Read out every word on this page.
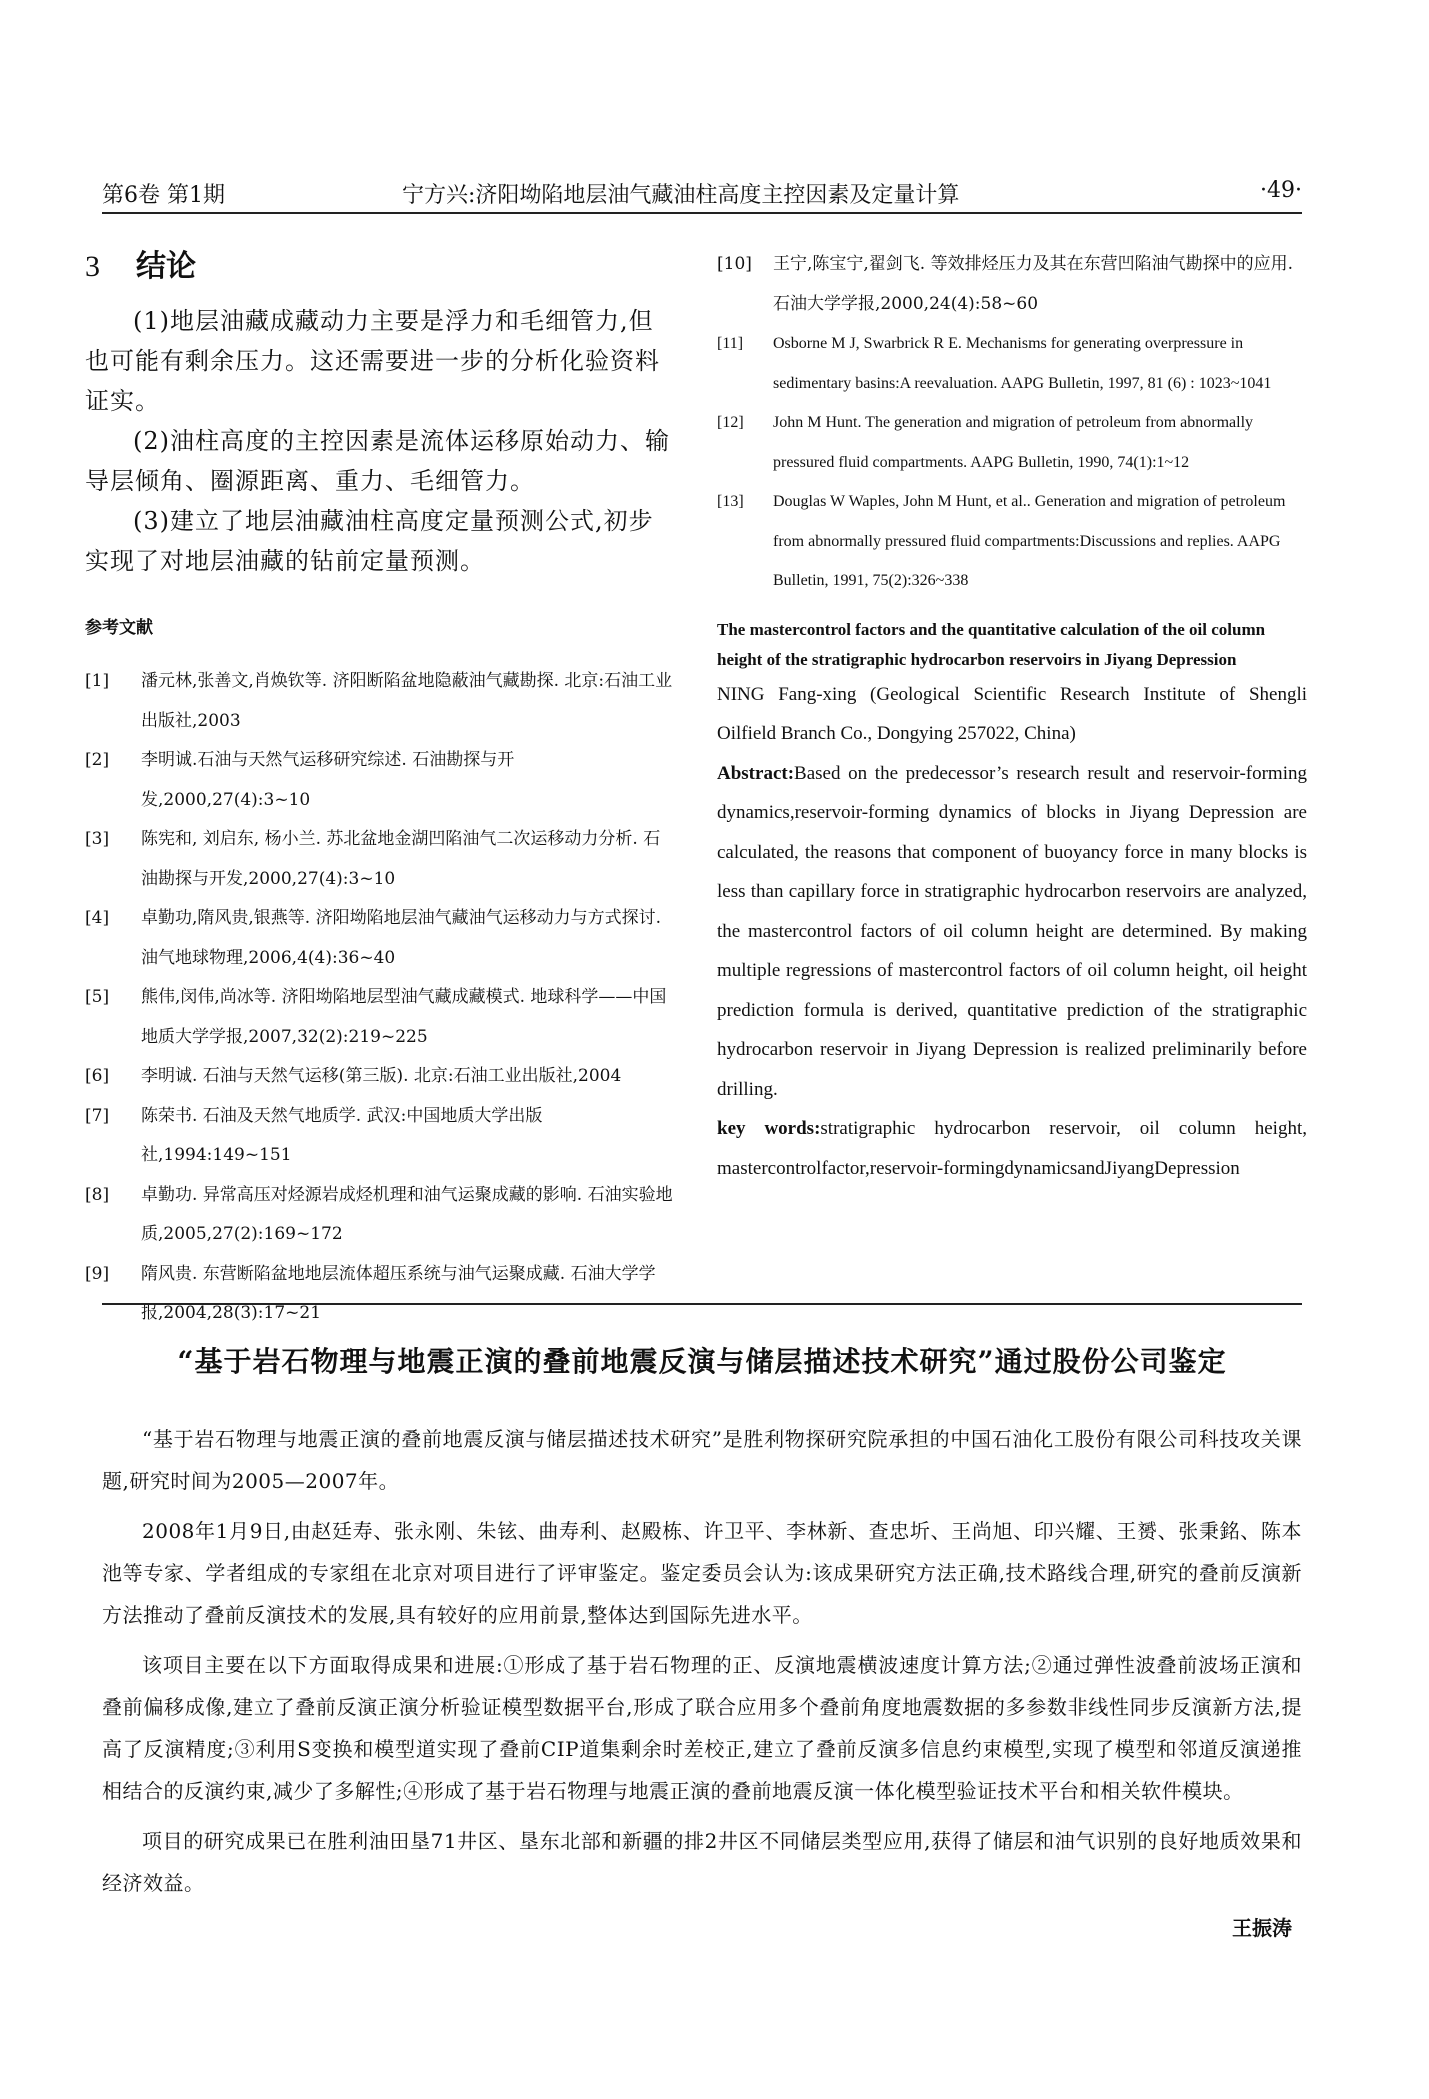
第6卷 第1期	宁方兴:济阳坳陷地层油气藏油柱高度主控因素及定量计算	·49·
3 结论

(1)地层油藏成藏动力主要是浮力和毛细管力,但也可能有剩余压力。这还需要进一步的分析化验资料证实。

(2)油柱高度的主控因素是流体运移原始动力、输导层倾角、圈源距离、重力、毛细管力。

(3)建立了地层油藏油柱高度定量预测公式,初步实现了对地层油藏的钻前定量预测。

参考文献
[1]	潘元林,张善文,肖焕钦等. 济阳断陷盆地隐蔽油气藏勘探. 北京:石油工业出版社,2003
[2]	李明诚.石油与天然气运移研究综述. 石油勘探与开发,2000,27(4):3~10
[3]	陈宪和, 刘启东, 杨小兰. 苏北盆地金湖凹陷油气二次运移动力分析. 石油勘探与开发,2000,27(4):3~10
[4]	卓勤功,隋风贵,银燕等. 济阳坳陷地层油气藏油气运移动力与方式探讨. 油气地球物理,2006,4(4):36~40
[5]	熊伟,闵伟,尚冰等. 济阳坳陷地层型油气藏成藏模式. 地球科学——中国地质大学学报,2007,32(2):219~225
[6]	李明诚. 石油与天然气运移(第三版). 北京:石油工业出版社,2004
[7]	陈荣书. 石油及天然气地质学. 武汉:中国地质大学出版社,1994:149~151
[8]	卓勤功. 异常高压对烃源岩成烃机理和油气运聚成藏的影响. 石油实验地质,2005,27(2):169~172
[9]	隋风贵. 东营断陷盆地地层流体超压系统与油气运聚成藏. 石油大学学报,2004,28(3):17~21
[10]	王宁,陈宝宁,翟剑飞. 等效排烃压力及其在东营凹陷油气勘探中的应用. 石油大学学报,2000,24(4):58~60
[11]	Osborne M J, Swarbrick R E. Mechanisms for generating overpressure in sedimentary basins:A reevaluation. AAPG Bulletin, 1997, 81 (6) : 1023~1041
[12]	John M Hunt. The generation and migration of petroleum from abnormally pressured fluid compartments. AAPG Bulletin, 1990, 74(1):1~12
[13]	Douglas W Waples, John M Hunt, et al.. Generation and migration of petroleum from abnormally pressured fluid compartments:Discussions and replies. AAPG Bulletin, 1991, 75(2):326~338

The mastercontrol factors and the quantitative calculation of the oil column height of the stratigraphic hydrocarbon reservoirs in Jiyang Depression

NING Fang-xing (Geological Scientific Research Institute of Shengli Oilfield Branch Co., Dongying 257022, China)

Abstract:Based on the predecessor’s research result and reservoir-forming dynamics,reservoir-forming dynamics of blocks in Jiyang Depression are calculated, the reasons that component of buoyancy force in many blocks is less than capillary force in stratigraphic hydrocarbon reservoirs are analyzed, the mastercontrol factors of oil column height are determined. By making multiple regressions of mastercontrol factors of oil column height, oil height prediction formula is derived, quantitative prediction of the stratigraphic hydrocarbon reservoir in Jiyang Depression is realized preliminarily before drilling.

key words:stratigraphic hydrocarbon reservoir, oil column height, mastercontrolfactor,reservoir-formingdynamicsandJiyangDepression

“基于岩石物理与地震正演的叠前地震反演与储层描述技术研究”通过股份公司鉴定

“基于岩石物理与地震正演的叠前地震反演与储层描述技术研究”是胜利物探研究院承担的中国石油化工股份有限公司科技攻关课题,研究时间为2005—2007年。

2008年1月9日,由赵廷寿、张永刚、朱铉、曲寿利、赵殿栋、许卫平、李林新、查忠圻、王尚旭、印兴耀、王赟、张秉銘、陈本池等专家、学者组成的专家组在北京对项目进行了评审鉴定。鉴定委员会认为:该成果研究方法正确,技术路线合理,研究的叠前反演新方法推动了叠前反演技术的发展,具有较好的应用前景,整体达到国际先进水平。

该项目主要在以下方面取得成果和进展:①形成了基于岩石物理的正、反演地震横波速度计算方法;②通过弹性波叠前波场正演和叠前偏移成像,建立了叠前反演正演分析验证模型数据平台,形成了联合应用多个叠前角度地震数据的多参数非线性同步反演新方法,提高了反演精度;③利用S变换和模型道实现了叠前CIP道集剩余时差校正,建立了叠前反演多信息约束模型,实现了模型和邻道反演递推相结合的反演约束,减少了多解性;④形成了基于岩石物理与地震正演的叠前地震反演一体化模型验证技术平台和相关软件模块。

项目的研究成果已在胜利油田垦71井区、垦东北部和新疆的排2井区不同储层类型应用,获得了储层和油气识别的良好地质效果和经济效益。

王振涛
